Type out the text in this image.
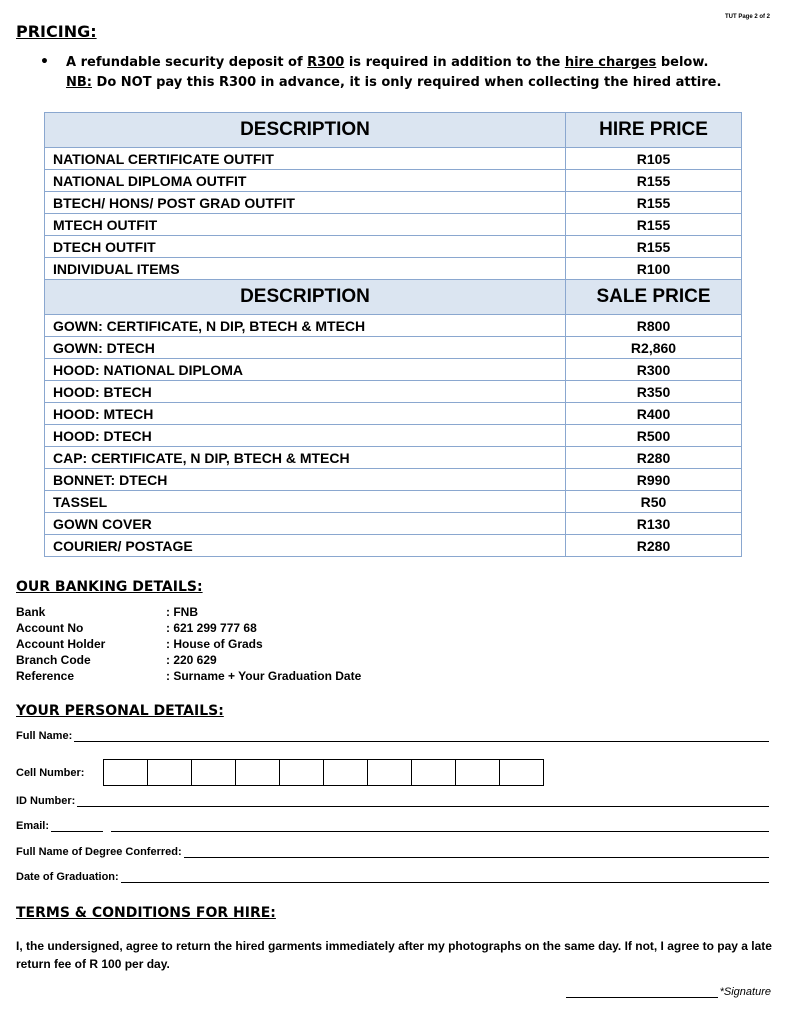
TUT Page 2 of 2
PRICING:
•	A refundable security deposit of R300 is required in addition to the hire charges below.
NB: Do NOT pay this R300 in advance, it is only required when collecting the hired attire.
DESCRIPTION	HIRE PRICE
NATIONAL CERTIFICATE OUTFIT	R105
NATIONAL DIPLOMA OUTFIT	R155
BTECH/ HONS/ POST GRAD OUTFIT	R155
MTECH OUTFIT	R155
DTECH OUTFIT	R155
INDIVIDUAL ITEMS	R100
DESCRIPTION	SALE PRICE
GOWN: CERTIFICATE, N DIP, BTECH & MTECH	R800
GOWN: DTECH	R2,860
HOOD: NATIONAL DIPLOMA	R300
HOOD: BTECH	R350
HOOD: MTECH	R400
HOOD: DTECH	R500
CAP: CERTIFICATE, N DIP, BTECH & MTECH	R280
BONNET: DTECH	R990
TASSEL	R50
GOWN COVER	R130
COURIER/ POSTAGE	R280
OUR BANKING DETAILS:
Bank	: FNB
Account No	: 621 299 777 68
Account Holder	: House of Grads
Branch Code	: 220 629
Reference	: Surname + Your Graduation Date
YOUR PERSONAL DETAILS:
Full Name:
Cell Number:
ID Number:
Email:
Full Name of Degree Conferred:
Date of Graduation:
TERMS & CONDITIONS FOR HIRE:
I, the undersigned, agree to return the hired garments immediately after my photographs on the same day. If not, I agree to pay a late return fee of R 100 per day.
*Signature
